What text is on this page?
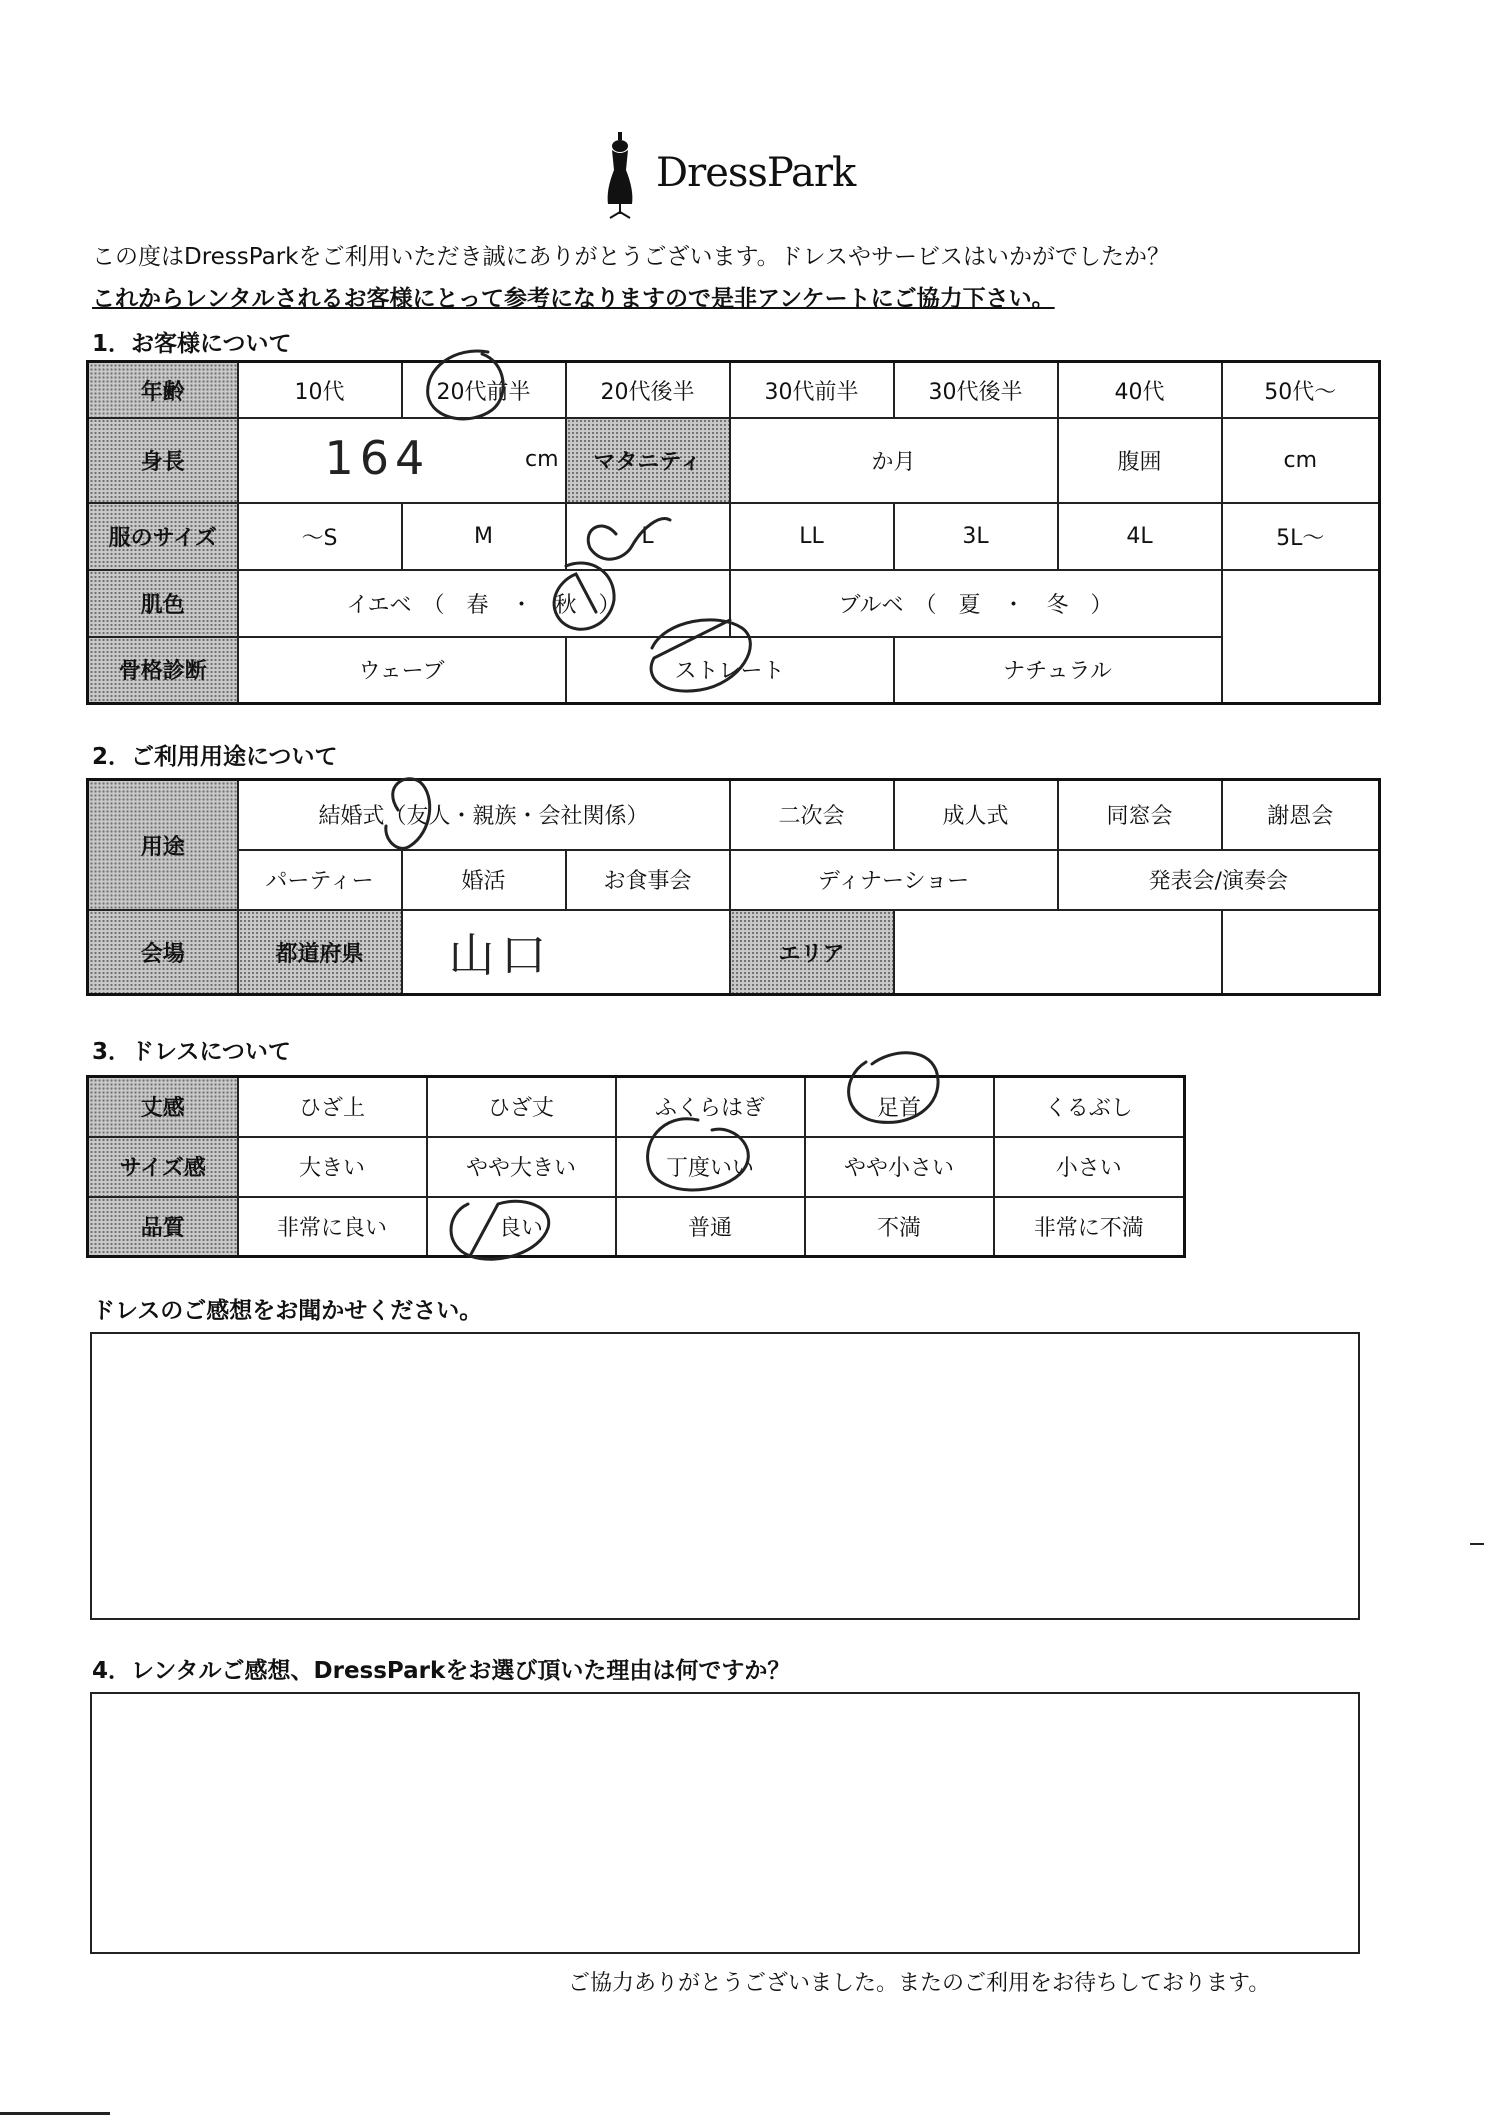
DressPark
この度はDressParkをご利用いただき誠にありがとうございます。ドレスやサービスはいかがでしたか？
これからレンタルされるお客様にとって参考になりますので是非アンケートにご協力下さい。
1．お客様について
年齢	10代	20代前半	20代後半	30代前半	30代後半	40代	50代～
身長	164 cm		マタニティ	か月		腹囲	cm
服のサイズ	～S	M	L	LL	3L	4L	5L～
肌色	イエベ　（　春　・　秋　）			ブルベ　（　夏　・　冬　）			
骨格診断	ウェーブ		ストレート		ナチュラル		
2．ご利用用途について
用途	結婚式（友人・親族・会社関係）			二次会	成人式	同窓会	謝恩会
	パーティー	婚活	お食事会	ディナーショー		発表会/演奏会	
会場	都道府県	山口		エリア			
3．ドレスについて
丈感	ひざ上	ひざ丈	ふくらはぎ	足首	くるぶし
サイズ感	大きい	やや大きい	丁度いい	やや小さい	小さい
品質	非常に良い	良い	普通	不満	非常に不満
ドレスのご感想をお聞かせください。
4．レンタルご感想、DressParkをお選び頂いた理由は何ですか？
ご協力ありがとうございました。またのご利用をお待ちしております。
